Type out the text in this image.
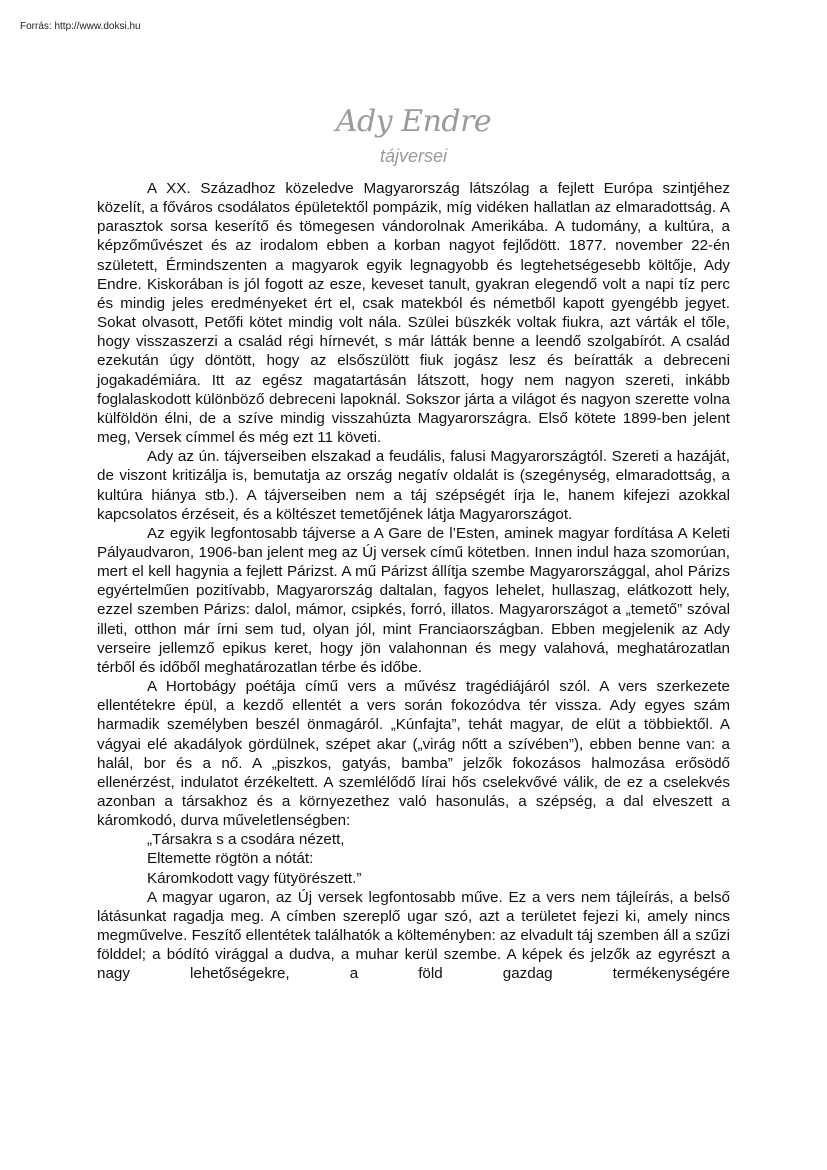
Forrás: http://www.doksi.hu
Ady Endre
tájversei

A XX. Századhoz közeledve Magyarország látszólag a fejlett Európa szintjéhez közelít, a főváros csodálatos épületektől pompázik, míg vidéken hallatlan az elmaradottság. A parasztok sorsa keserítő és tömegesen vándorolnak Amerikába. A tudomány, a kultúra, a képzőművészet és az irodalom ebben a korban nagyot fejlődött. 1877. november 22-én született, Érmindszenten a magyarok egyik legnagyobb és legtehetségesebb költője, Ady Endre. Kiskorában is jól fogott az esze, keveset tanult, gyakran elegendő volt a napi tíz perc és mindig jeles eredményeket ért el, csak matekból és németből kapott gyengébb jegyet. Sokat olvasott, Petőfi kötet mindig volt nála. Szülei büszkék voltak fiukra, azt várták el tőle, hogy visszaszerzi a család régi hírnevét, s már látták benne a leendő szolgabírót. A család ezekután úgy döntött, hogy az elsőszülött fiuk jogász lesz és beíratták a debreceni jogakadémiára. Itt az egész magatartásán látszott, hogy nem nagyon szereti, inkább foglalaskodott különböző debreceni lapoknál. Sokszor járta a világot és nagyon szerette volna külföldön élni, de a szíve mindig visszahúzta Magyarországra. Első kötete 1899-ben jelent meg, Versek címmel és még ezt 11 követi.

Ady az ún. tájverseiben elszakad a feudális, falusi Magyarországtól. Szereti a hazáját, de viszont kritizálja is, bemutatja az ország negatív oldalát is (szegénység, elmaradottság, a kultúra hiánya stb.). A tájverseiben nem a táj szépségét írja le, hanem kifejezi azokkal kapcsolatos érzéseit, és a költészet temetőjének látja Magyarországot.

Az egyik legfontosabb tájverse a A Gare de l’Esten, aminek magyar fordítása A Keleti Pályaudvaron, 1906-ban jelent meg az Új versek című kötetben. Innen indul haza szomorúan, mert el kell hagynia a fejlett Párizst. A mű Párizst állítja szembe Magyarországgal, ahol Párizs egyértelműen pozitívabb, Magyarország daltalan, fagyos lehelet, hullaszag, elátkozott hely, ezzel szemben Párizs: dalol, mámor, csipkés, forró, illatos. Magyarországot a „temető” szóval illeti, otthon már írni sem tud, olyan jól, mint Franciaországban. Ebben megjelenik az Ady verseire jellemző epikus keret, hogy jön valahonnan és megy valahová, meghatározatlan térből és időből meghatározatlan térbe és időbe.

A Hortobágy poétája című vers a művész tragédiájáról szól. A vers szerkezete ellentétekre épül, a kezdő ellentét a vers során fokozódva tér vissza. Ady egyes szám harmadik személyben beszél önmagáról. „Kúnfajta”, tehát magyar, de elüt a többiektől. A vágyai elé akadályok gördülnek, szépet akar („virág nőtt a szívében”), ebben benne van: a halál, bor és a nő. A „piszkos, gatyás, bamba” jelzők fokozásos halmozása erősödő ellenérzést, indulatot érzékeltett. A szemlélődő lírai hős cselekvővé válik, de ez a cselekvés azonban a társakhoz és a környezethez való hasonulás, a szépség, a dal elveszett a káromkodó, durva műveletlenségben:

„Társakra s a csodára nézett,
Eltemette rögtön a nótát:
Káromkodott vagy fütyörészett.”

A magyar ugaron, az Új versek legfontosabb műve. Ez a vers nem tájleírás, a belső látásunkat ragadja meg. A címben szereplő ugar szó, azt a területet fejezi ki, amely nincs megművelve. Feszítő ellentétek találhatók a költeményben: az elvadult táj szemben áll a szűzi földdel; a bódító virággal a dudva, a muhar kerül szembe. A képek és jelzők az egyrészt a nagy lehetőségekre, a föld gazdag termékenységére
